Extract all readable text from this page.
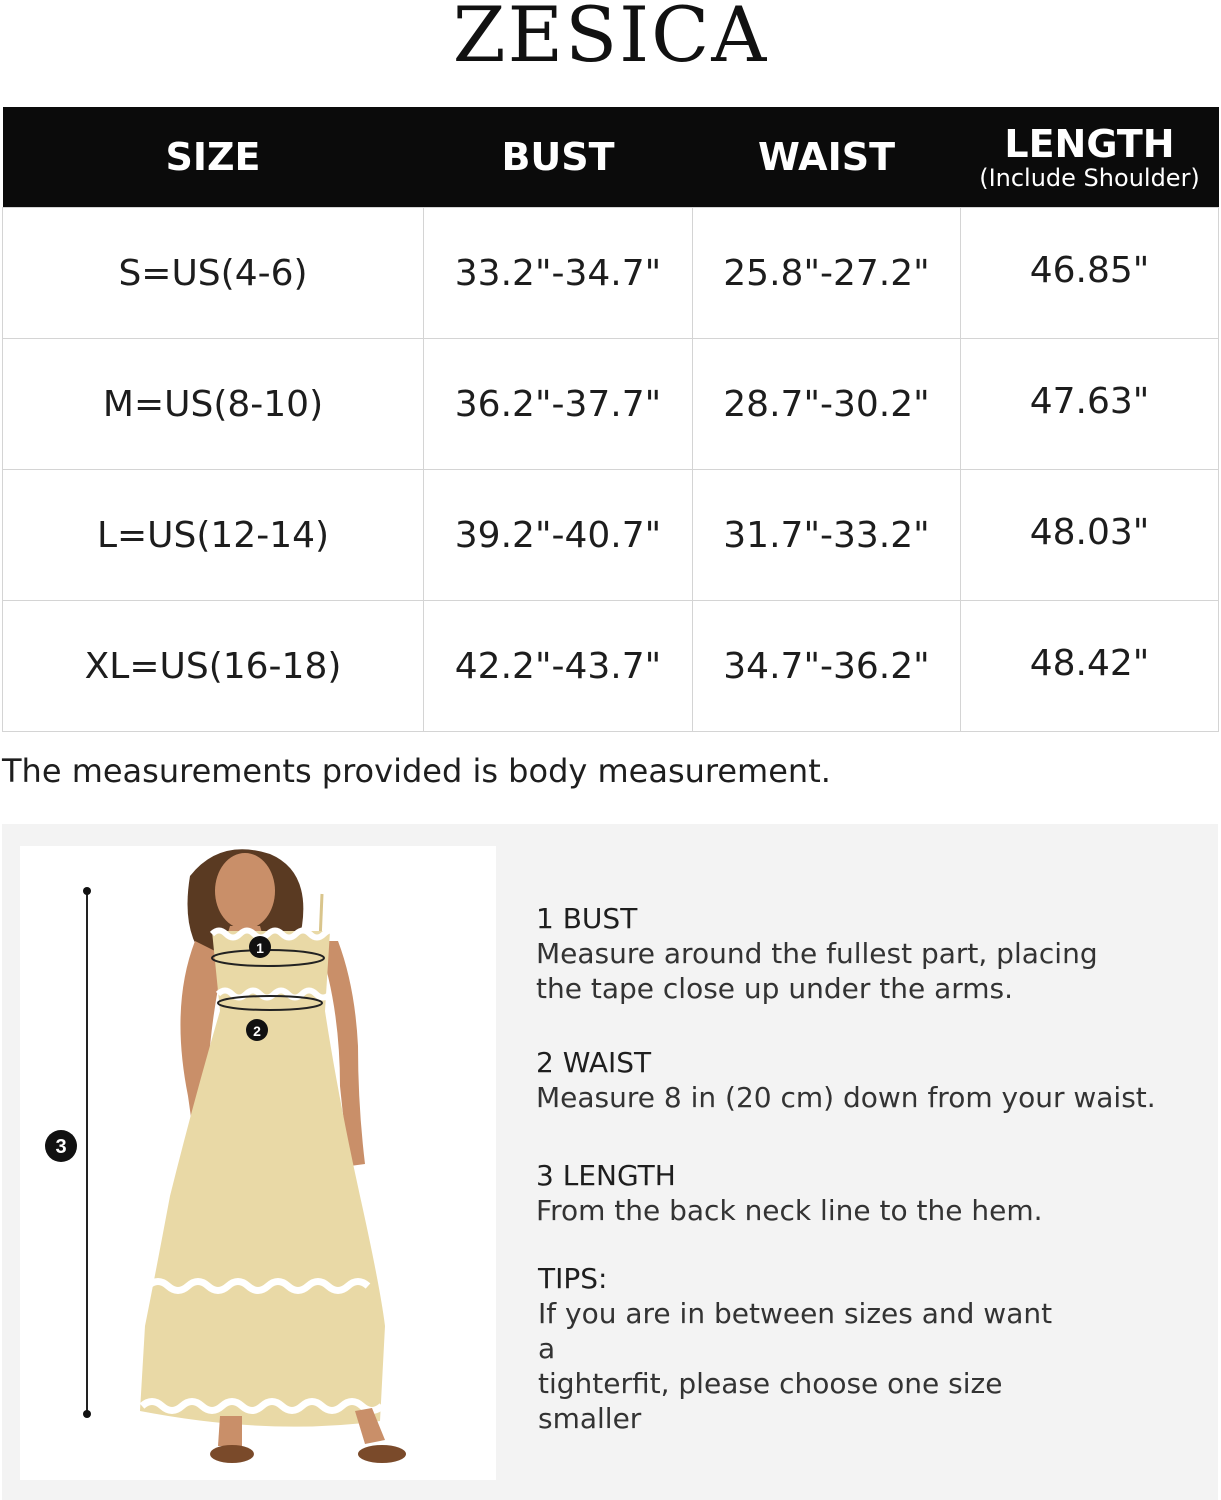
ZESICA
SIZE	BUST	WAIST	LENGTH
(Include Shoulder)

S=US(4-6)	33.2"-34.7"	25.8"-27.2"	46.85"
M=US(8-10)	36.2"-37.7"	28.7"-30.2"	47.63"
L=US(12-14)	39.2"-40.7"	31.7"-33.2"	48.03"
XL=US(16-18)	42.2"-43.7"	34.7"-36.2"	48.42"
The measurements provided is body measurement.
3
1
2
1 BUST
Measure around the fullest part, placing
the tape close up under the arms.
2 WAIST
Measure 8 in (20 cm) down from your waist.
3 LENGTH
From the back neck line to the hem.
TIPS:
If you are in between sizes and want a
tighterfit, please choose one size
smaller
